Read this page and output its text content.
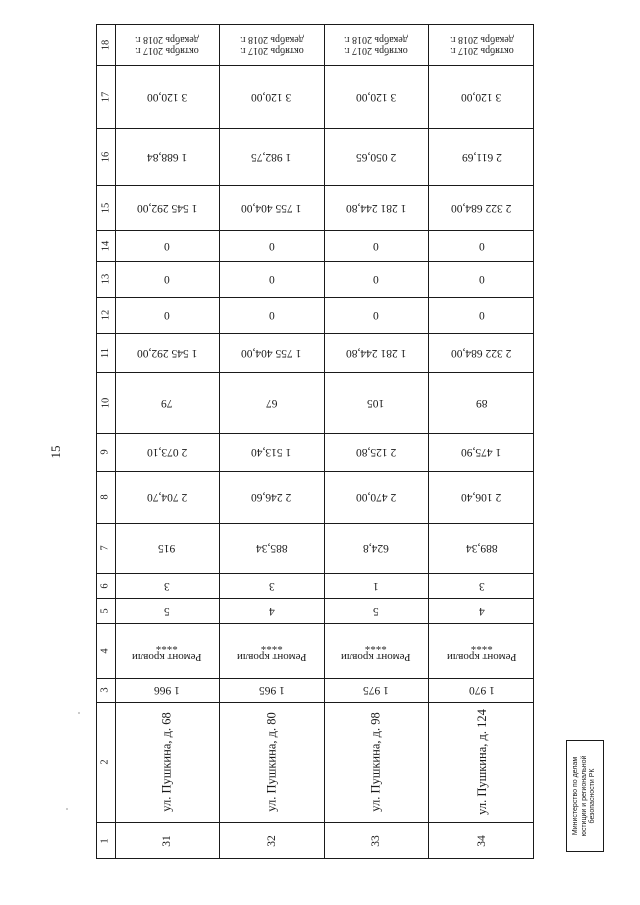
15
18
17
16
15
14
13
12
11
10
9
8
7
6
5
4
3
2
1
октябрь 2017 г.
декабрь 2018 г.
3 120,00
1 688,84
1 545 292,00
0
0
0
1 545 292,00
79
2 073,10
2 704,70
915
3
5
Ремонт кровли
****
1 966
ул. Пушкина, д. 68
31
октябрь 2017 г.
декабрь 2018 г.
3 120,00
1 982,75
1 755 404,00
0
0
0
1 755 404,00
67
1 513,40
2 246,60
885,34
3
4
Ремонт кровли
****
1 965
ул. Пушкина, д. 80
32
октябрь 2017 г.
декабрь 2018 г.
3 120,00
2 050,65
1 281 244,80
0
0
0
1 281 244,80
105
2 125,80
2 470,00
624,8
1
5
Ремонт кровли
****
1 975
ул. Пушкина, д. 98
33
октябрь 2017 г.
декабрь 2018 г.
3 120,00
2 611,69
2 322 684,00
0
0
0
2 322 684,00
89
1 475,90
2 106,40
889,34
3
4
Ремонт кровли
****
1 970
ул. Пушкина, д. 124
34
Министерство по делам юстиции и региональной безопасности РК
